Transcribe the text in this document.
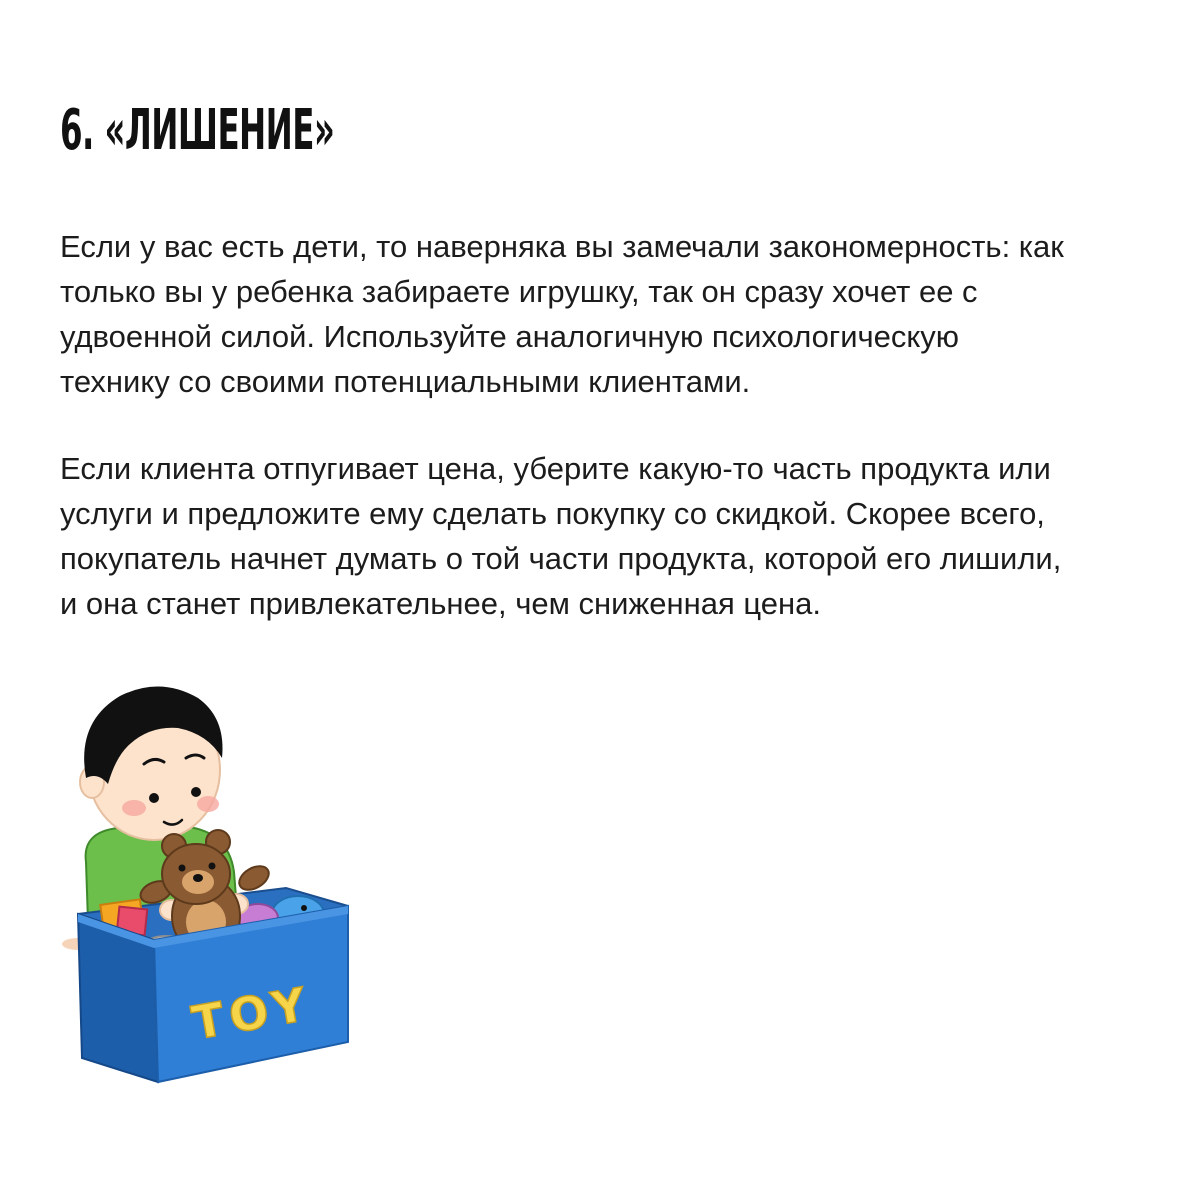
6. «ЛИШЕНИЕ»

Если у вас есть дети, то наверняка вы замечали закономерность: как
только вы у ребенка забираете игрушку, так он сразу хочет ее с
удвоенной силой. Используйте аналогичную психологическую
технику со своими потенциальными клиентами.

Если клиента отпугивает цена, уберите какую-то часть продукта или
услуги и предложите ему сделать покупку со скидкой. Скорее всего,
покупатель начнет думать о той части продукта, которой его лишили,
и она станет привлекательнее, чем сниженная цена.

TOY
